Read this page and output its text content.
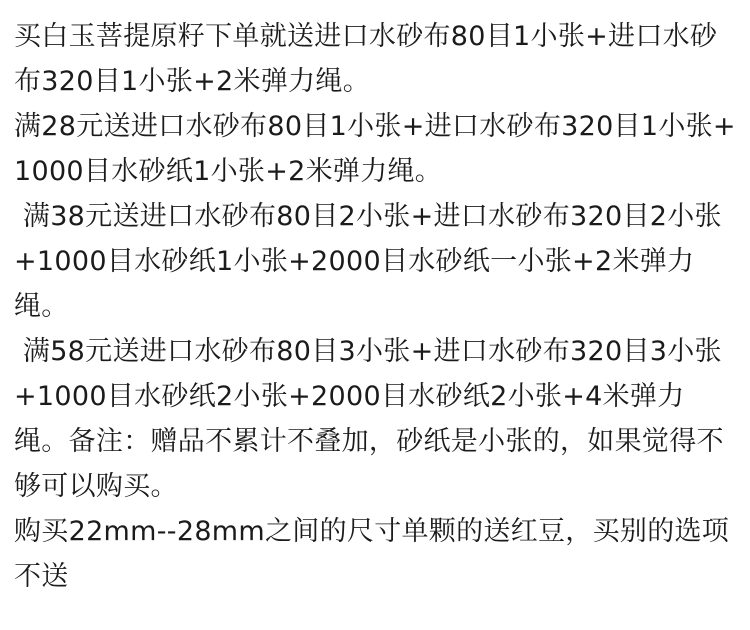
买白玉菩提原籽下单就送进口水砂布80目1小张+进口水砂布320目1小张+2米弹力绳。

满28元送进口水砂布80目1小张+进口水砂布320目1小张+1000目水砂纸1小张+2米弹力绳。

满38元送进口水砂布80目2小张+进口水砂布320目2小张+1000目水砂纸1小张+2000目水砂纸一小张+2米弹力绳。

满58元送进口水砂布80目3小张+进口水砂布320目3小张+1000目水砂纸2小张+2000目水砂纸2小张+4米弹力绳。备注：赠品不累计不叠加，砂纸是小张的，如果觉得不够可以购买。

购买22mm--28mm之间的尺寸单颗的送红豆，买别的选项不送
